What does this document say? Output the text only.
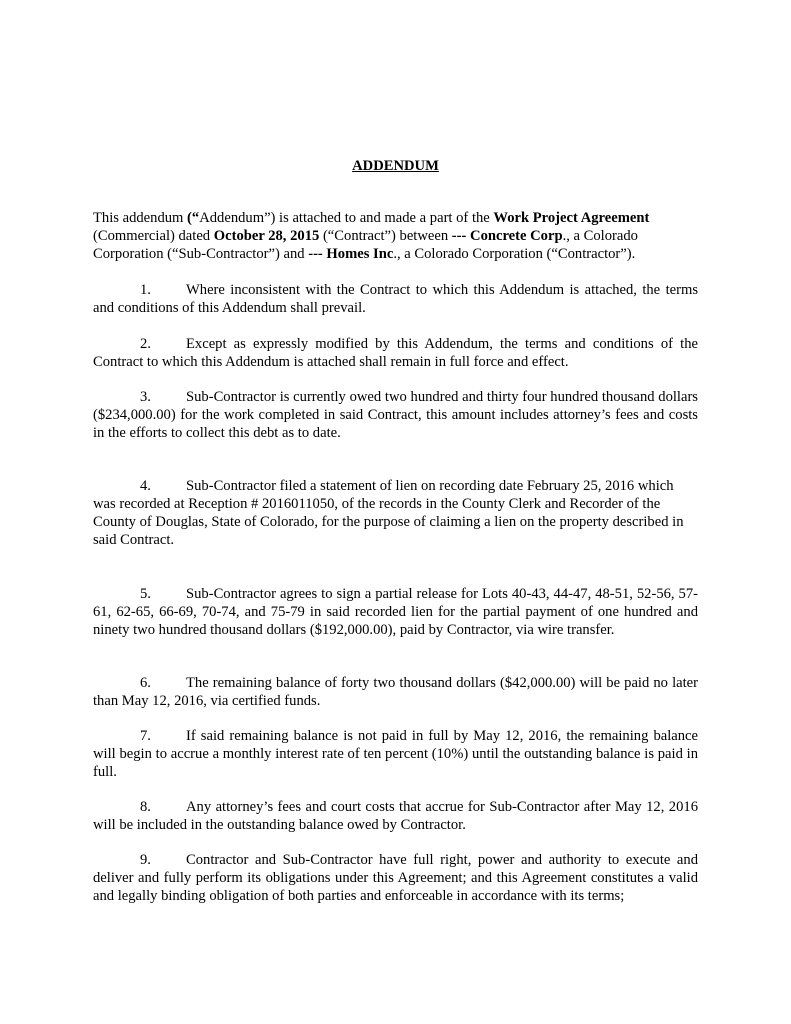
ADDENDUM

This addendum (“Addendum”) is attached to and made a part of the Work Project Agreement (Commercial) dated October 28, 2015 (“Contract”) between --- Concrete Corp., a Colorado Corporation (“Sub-Contractor”) and --- Homes Inc., a Colorado Corporation (“Contractor”).

1. Where inconsistent with the Contract to which this Addendum is attached, the terms and conditions of this Addendum shall prevail.

2. Except as expressly modified by this Addendum, the terms and conditions of the Contract to which this Addendum is attached shall remain in full force and effect.

3. Sub-Contractor is currently owed two hundred and thirty four hundred thousand dollars ($234,000.00) for the work completed in said Contract, this amount includes attorney’s fees and costs in the efforts to collect this debt as to date.

4. Sub-Contractor filed a statement of lien on recording date February 25, 2016 which was recorded at Reception # 2016011050, of the records in the County Clerk and Recorder of the County of Douglas, State of Colorado, for the purpose of claiming a lien on the property described in said Contract.

5. Sub-Contractor agrees to sign a partial release for Lots 40-43, 44-47, 48-51, 52-56, 57-61, 62-65, 66-69, 70-74, and 75-79 in said recorded lien for the partial payment of one hundred and ninety two hundred thousand dollars ($192,000.00), paid by Contractor, via wire transfer.

6. The remaining balance of forty two thousand dollars ($42,000.00) will be paid no later than May 12, 2016, via certified funds.

7. If said remaining balance is not paid in full by May 12, 2016, the remaining balance will begin to accrue a monthly interest rate of ten percent (10%) until the outstanding balance is paid in full.

8. Any attorney’s fees and court costs that accrue for Sub-Contractor after May 12, 2016 will be included in the outstanding balance owed by Contractor.

9. Contractor and Sub-Contractor have full right, power and authority to execute and deliver and fully perform its obligations under this Agreement; and this Agreement constitutes a valid and legally binding obligation of both parties and enforceable in accordance with its terms;
